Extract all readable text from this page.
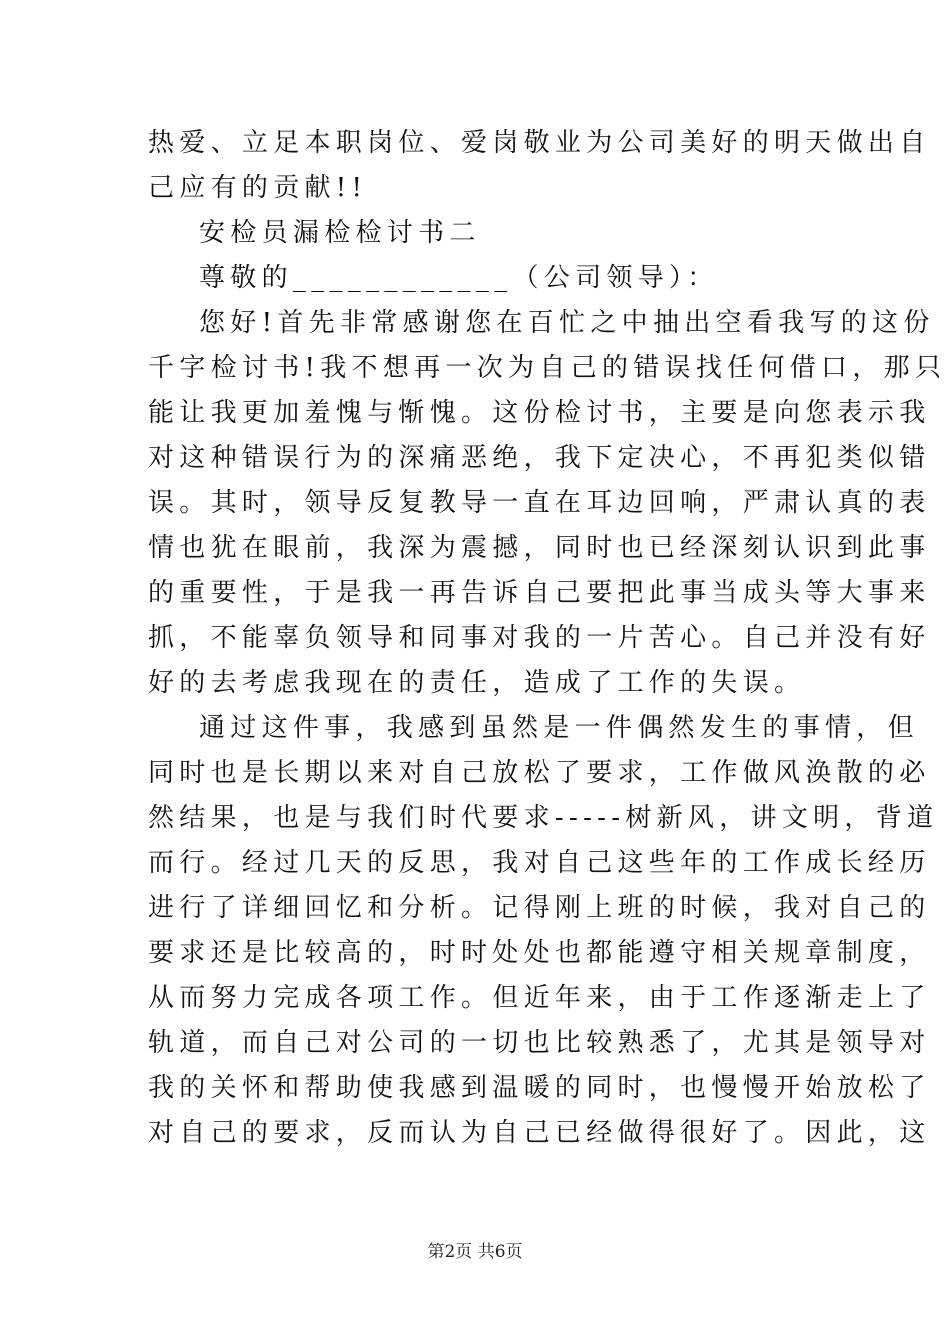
热爱、立足本职岗位、爱岗敬业为公司美好的明天做出自
己应有的贡献!!
安检员漏检检讨书二
尊敬的____________（公司领导）：
您好!首先非常感谢您在百忙之中抽出空看我写的这份
千字检讨书!我不想再一次为自己的错误找任何借口，那只
能让我更加羞愧与惭愧。这份检讨书，主要是向您表示我
对这种错误行为的深痛恶绝，我下定决心，不再犯类似错
误。其时，领导反复教导一直在耳边回响，严肃认真的表
情也犹在眼前，我深为震撼，同时也已经深刻认识到此事
的重要性，于是我一再告诉自己要把此事当成头等大事来
抓，不能辜负领导和同事对我的一片苦心。自己并没有好
好的去考虑我现在的责任，造成了工作的失误。
通过这件事，我感到虽然是一件偶然发生的事情，但
同时也是长期以来对自己放松了要求，工作做风涣散的必
然结果，也是与我们时代要求-----树新风，讲文明，背道
而行。经过几天的反思，我对自己这些年的工作成长经历
进行了详细回忆和分析。记得刚上班的时候，我对自己的
要求还是比较高的，时时处处也都能遵守相关规章制度，
从而努力完成各项工作。但近年来，由于工作逐渐走上了
轨道，而自己对公司的一切也比较熟悉了，尤其是领导对
我的关怀和帮助使我感到温暖的同时，也慢慢开始放松了
对自己的要求，反而认为自己已经做得很好了。因此，这
第2页 共6页
